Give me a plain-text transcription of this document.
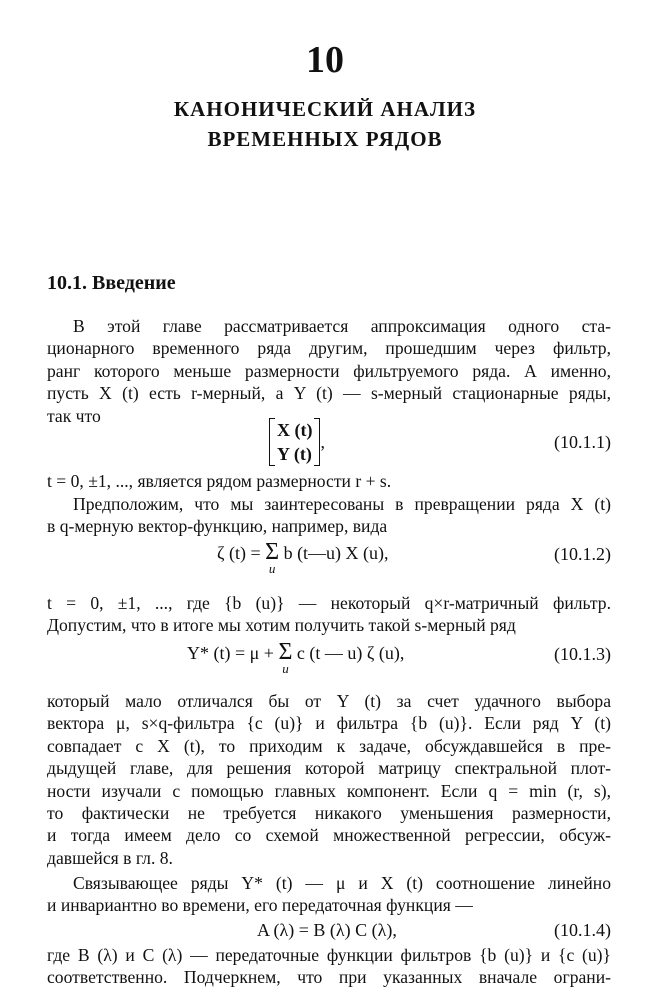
10
КАНОНИЧЕСКИЙ АНАЛИЗ
ВРЕМЕННЫХ РЯДОВ
10.1. Введение
В этой главе рассматривается аппроксимация одного ста-
ционарного временного ряда другим, прошедшим через фильтр,
ранг которого меньше размерности фильтруемого ряда. А именно,
пусть X (t) есть r-мерный, а Y (t) — s-мерный стационарные ряды,
так что
X (t)
Y (t)
,	(10.1.1)
t = 0, ±1, ..., является рядом размерности r + s.
Предположим, что мы заинтересованы в превращении ряда X (t)
в q-мерную вектор-функцию, например, вида
ζ (t) = Σ
u
b (t—u) X (u),	(10.1.2)
t = 0, ±1, ..., где {b (u)} — некоторый q×r-матричный фильтр.
Допустим, что в итоге мы хотим получить такой s-мерный ряд
Y* (t) = μ + Σ
u
c (t — u) ζ (u),	(10.1.3)
который мало отличался бы от Y (t) за счет удачного выбора
вектора μ, s×q-фильтра {c (u)} и фильтра {b (u)}. Если ряд Y (t)
совпадает с X (t), то приходим к задаче, обсуждавшейся в пре-
дыдущей главе, для решения которой матрицу спектральной плот-
ности изучали с помощью главных компонент. Если q = min (r, s),
то фактически не требуется никакого уменьшения размерности,
и тогда имеем дело со схемой множественной регрессии, обсуж-
давшейся в гл. 8.
Связывающее ряды Y* (t) — μ и X (t) соотношение линейно
и инвариантно во времени, его передаточная функция —
A (λ) = B (λ) C (λ),	(10.1.4)
где B (λ) и C (λ) — передаточные функции фильтров {b (u)} и {c (u)}
соответственно. Подчеркнем, что при указанных вначале ограни-
